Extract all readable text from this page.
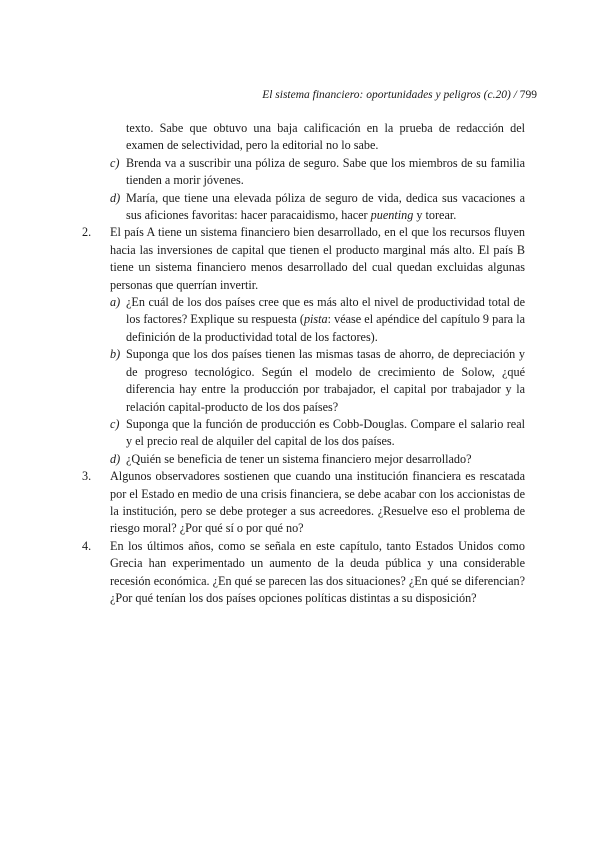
El sistema financiero: oportunidades y peligros (c.20) / 799

texto. Sabe que obtuvo una baja calificación en la prueba de redacción del examen de selectividad, pero la editorial no lo sabe.

c) Brenda va a suscribir una póliza de seguro. Sabe que los miembros de su familia tienden a morir jóvenes.

d) María, que tiene una elevada póliza de seguro de vida, dedica sus vacaciones a sus aficiones favoritas: hacer paracaidismo, hacer puenting y torear.

2. El país A tiene un sistema financiero bien desarrollado, en el que los recursos fluyen hacia las inversiones de capital que tienen el producto marginal más alto. El país B tiene un sistema financiero menos desarrollado del cual quedan excluidas algunas personas que querrían invertir.

a) ¿En cuál de los dos países cree que es más alto el nivel de productividad total de los factores? Explique su respuesta (pista: véase el apéndice del capítulo 9 para la definición de la productividad total de los factores).

b) Suponga que los dos países tienen las mismas tasas de ahorro, de depreciación y de progreso tecnológico. Según el modelo de crecimiento de Solow, ¿qué diferencia hay entre la producción por trabajador, el capital por trabajador y la relación capital-producto de los dos países?

c) Suponga que la función de producción es Cobb-Douglas. Compare el salario real y el precio real de alquiler del capital de los dos países.

d) ¿Quién se beneficia de tener un sistema financiero mejor desarrollado?

3. Algunos observadores sostienen que cuando una institución financiera es rescatada por el Estado en medio de una crisis financiera, se debe acabar con los accionistas de la institución, pero se debe proteger a sus acreedores. ¿Resuelve eso el problema de riesgo moral? ¿Por qué sí o por qué no?

4. En los últimos años, como se señala en este capítulo, tanto Estados Unidos como Grecia han experimentado un aumento de la deuda pública y una considerable recesión económica. ¿En qué se parecen las dos situaciones? ¿En qué se diferencian? ¿Por qué tenían los dos países opciones políticas distintas a su disposición?
